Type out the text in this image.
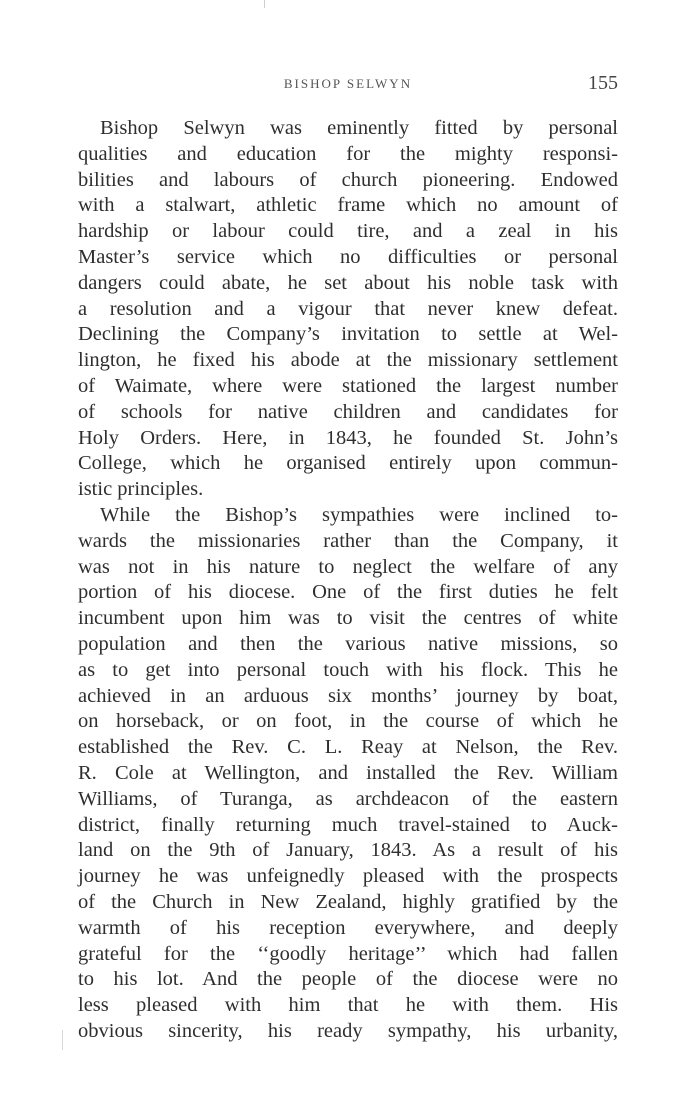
BISHOP SELWYN	155
Bishop Selwyn was eminently fitted by personal
qualities and education for the mighty responsi-
bilities and labours of church pioneering. Endowed
with a stalwart, athletic frame which no amount of
hardship or labour could tire, and a zeal in his
Master’s service which no difficulties or personal
dangers could abate, he set about his noble task with
a resolution and a vigour that never knew defeat.
Declining the Company’s invitation to settle at Wel-
lington, he fixed his abode at the missionary settlement
of Waimate, where were stationed the largest number
of schools for native children and candidates for
Holy Orders. Here, in 1843, he founded St. John’s
College, which he organised entirely upon commun-
istic principles.
While the Bishop’s sympathies were inclined to-
wards the missionaries rather than the Company, it
was not in his nature to neglect the welfare of any
portion of his diocese. One of the first duties he felt
incumbent upon him was to visit the centres of white
population and then the various native missions, so
as to get into personal touch with his flock. This he
achieved in an arduous six months’ journey by boat,
on horseback, or on foot, in the course of which he
established the Rev. C. L. Reay at Nelson, the Rev.
R. Cole at Wellington, and installed the Rev. William
Williams, of Turanga, as archdeacon of the eastern
district, finally returning much travel-stained to Auck-
land on the 9th of January, 1843. As a result of his
journey he was unfeignedly pleased with the prospects
of the Church in New Zealand, highly gratified by the
warmth of his reception everywhere, and deeply
grateful for the ‘‘goodly heritage’’ which had fallen
to his lot. And the people of the diocese were no
less pleased with him that he with them. His
obvious sincerity, his ready sympathy, his urbanity,
